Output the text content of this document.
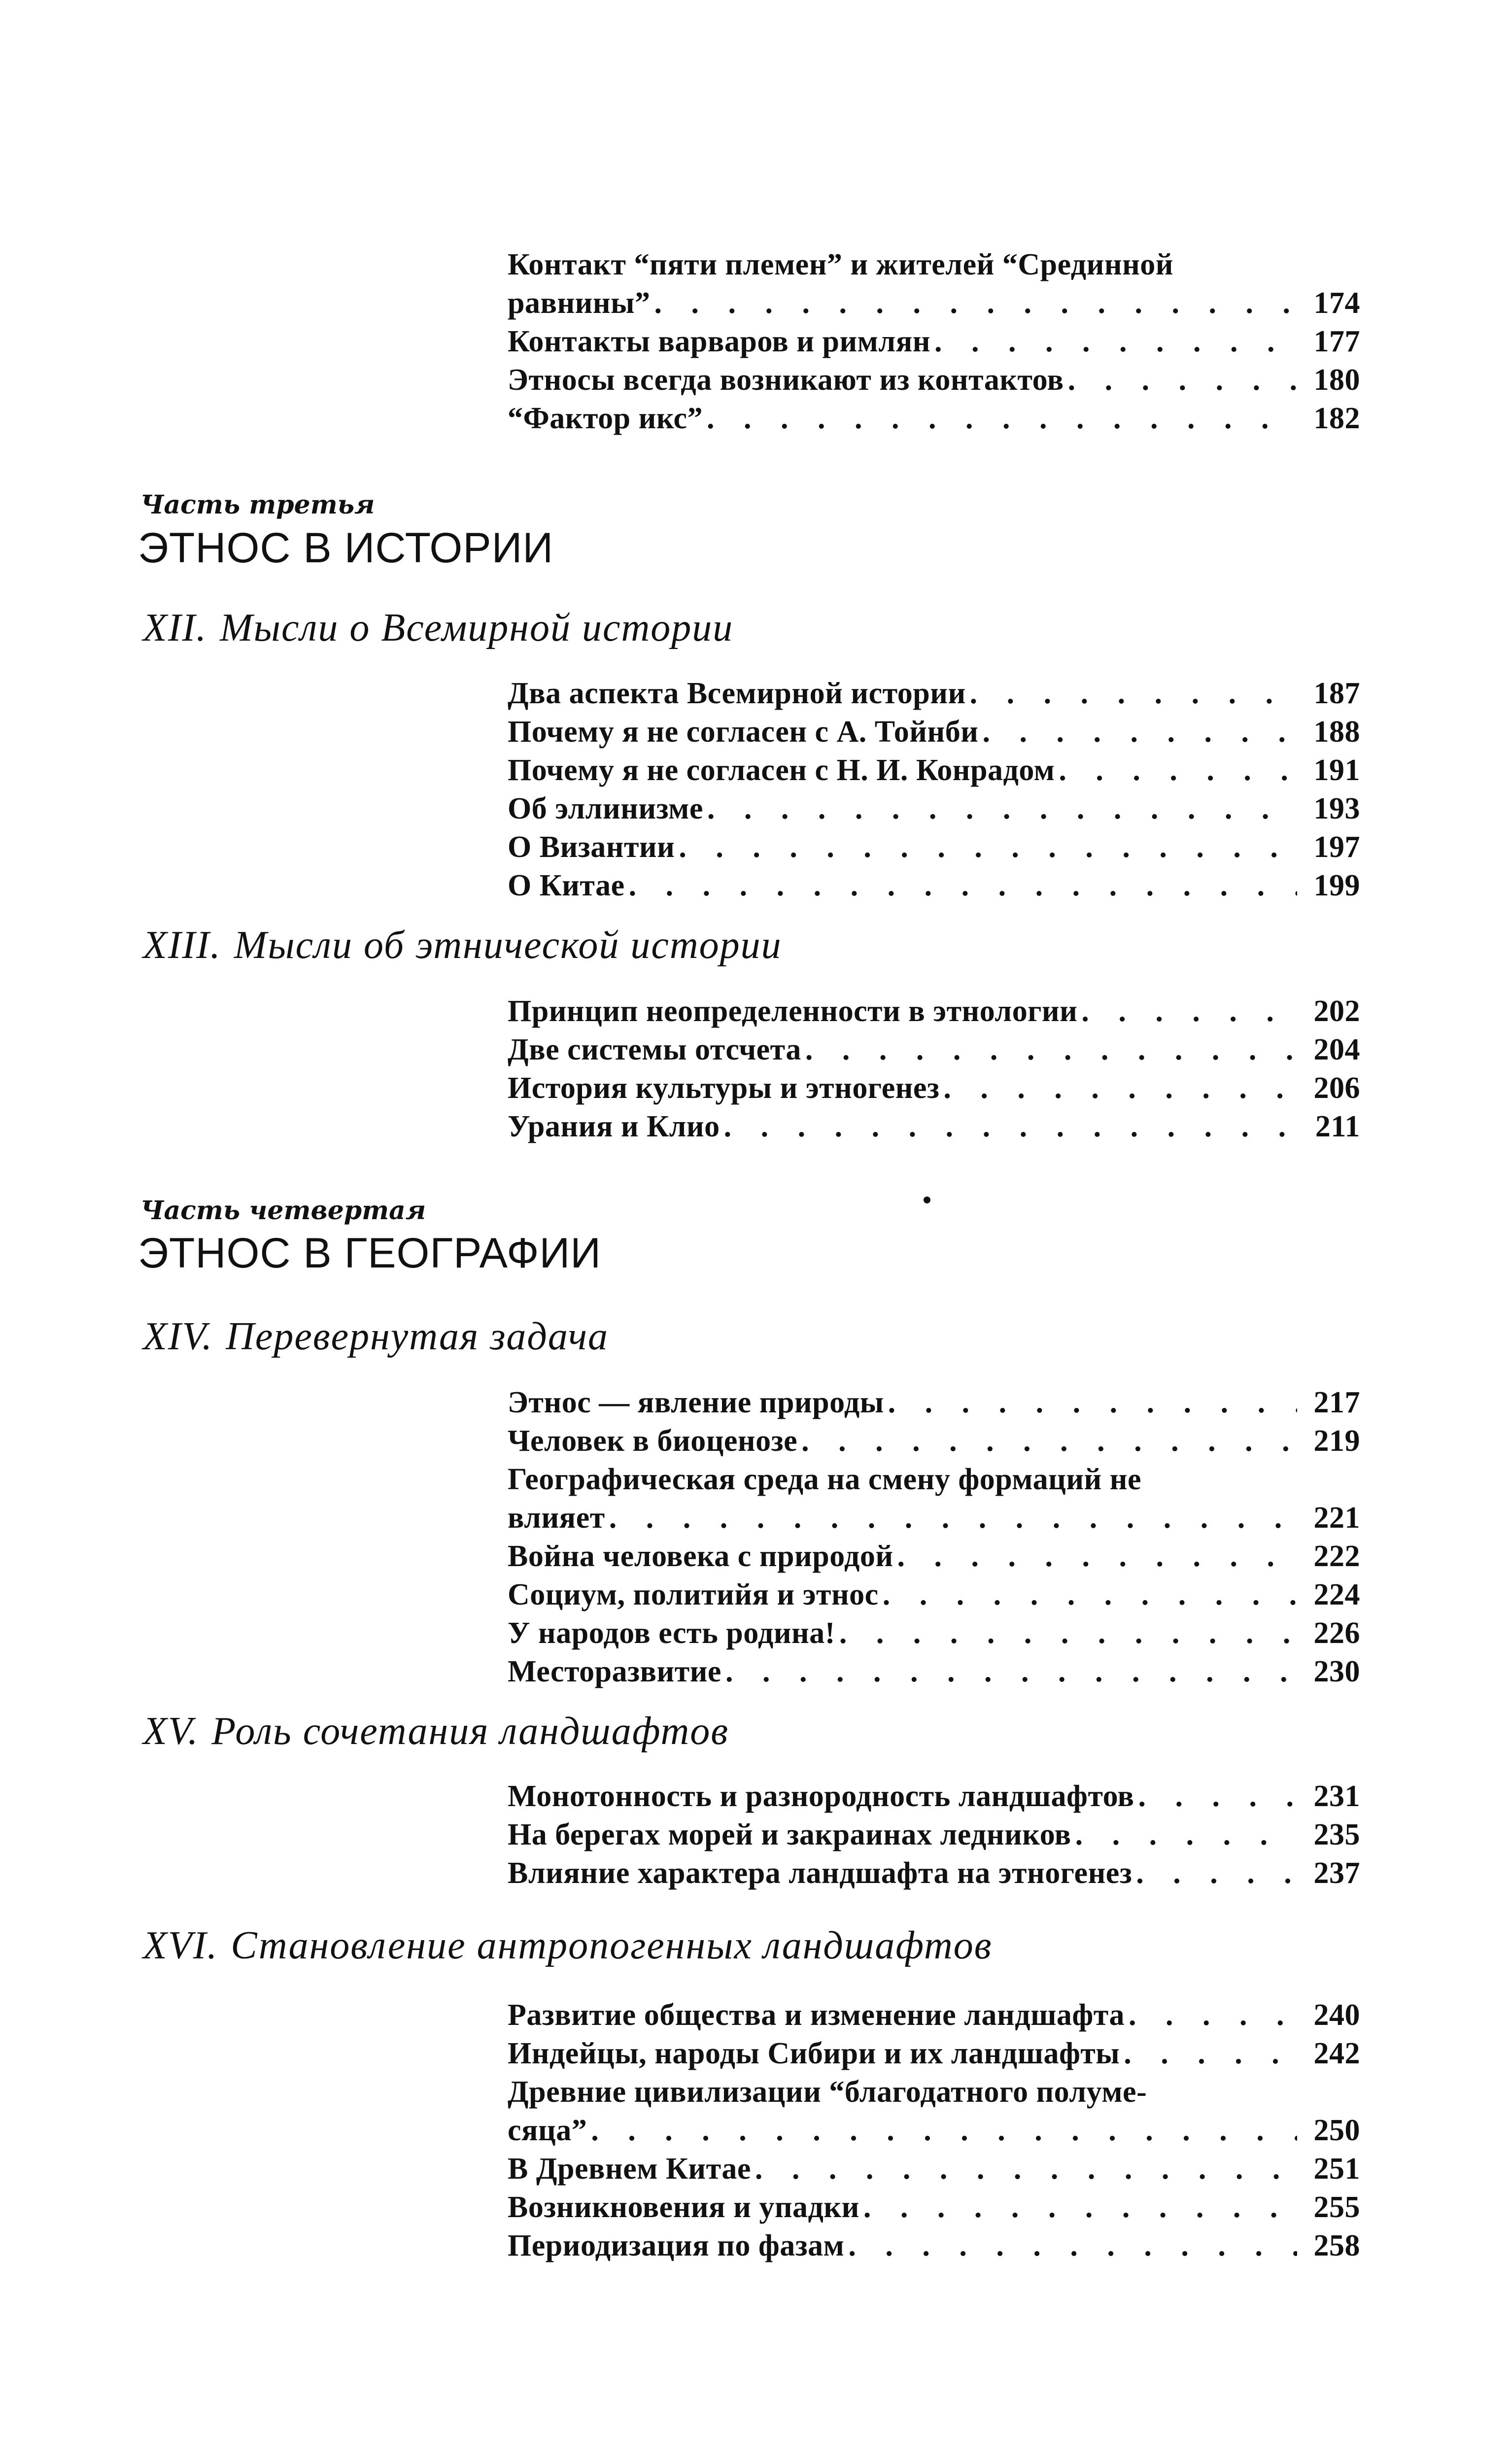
Контакт “пяти племен” и жителей “Срединной
равнины” . . .	174
Контакты варваров и римлян . . .	177
Этносы всегда возникают из контактов . . .	180
“Фактор икс” . . .	182
Часть третья
ЭТНОС В ИСТОРИИ
XII. Мысли о Всемирной истории
Два аспекта Всемирной истории . . .	187
Почему я не согласен с А. Тойнби . . .	188
Почему я не согласен с Н. И. Конрадом . . .	191
Об эллинизме . . .	193
О Византии . . .	197
О Китае . . .	199
XIII. Мысли об этнической истории
Принцип неопределенности в этнологии . . .	202
Две системы отсчета . . .	204
История культуры и этногенез . . .	206
Урания и Клио . . .	211
Часть четвертая
ЭТНОС В ГЕОГРАФИИ
XIV. Перевернутая задача
Этнос — явление природы . . .	217
Человек в биоценозе . . .	219
Географическая среда на смену формаций не
влияет . . .	221
Война человека с природой . . .	222
Социум, политийя и этнос . . .	224
У народов есть родина! . . .	226
Месторазвитие . . .	230
XV. Роль сочетания ландшафтов
Монотонность и разнородность ландшафтов . . .	231
На берегах морей и закраинах ледников . . .	235
Влияние характера ландшафта на этногенез . . .	237
XVI. Становление антропогенных ландшафтов
Развитие общества и изменение ландшафта . . .	240
Индейцы, народы Сибири и их ландшафты . . .	242
Древние цивилизации “благодатного полуме-
сяца” . . .	250
В Древнем Китае . . .	251
Возникновения и упадки . . .	255
Периодизация по фазам . . .	258
